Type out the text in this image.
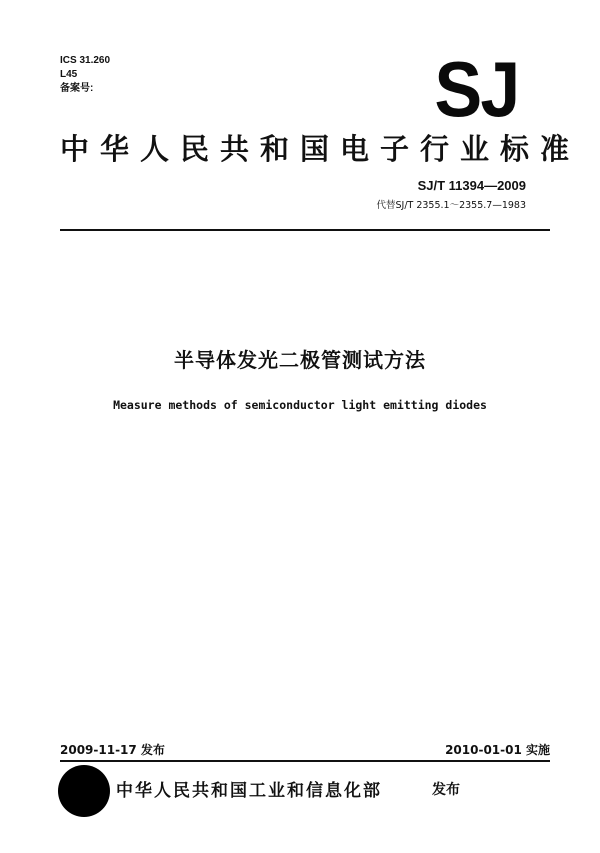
ICS 31.260
L45
备案号:	SJ
中华人民共和国电子行业标准
SJ/T 11394—2009
代替SJ/T 2355.1～2355.7—1983
半导体发光二极管测试方法
Measure methods of semiconductor light emitting diodes
2009-11-17 发布	2010-01-01 实施
中华人民共和国工业和信息化部	发布
